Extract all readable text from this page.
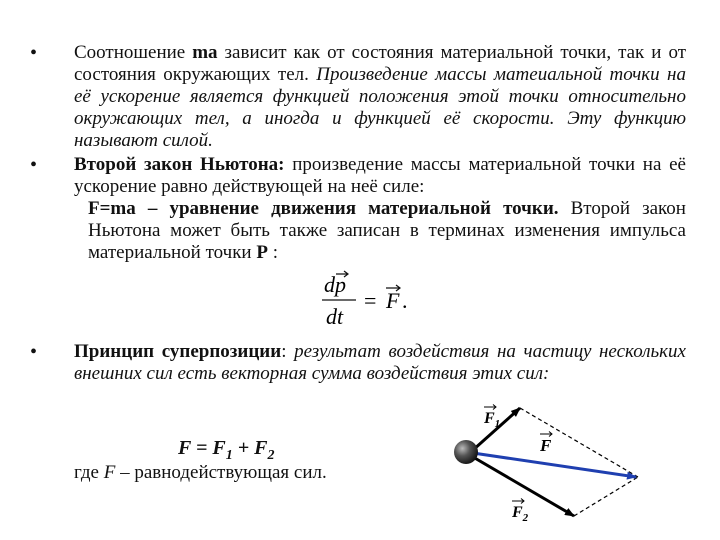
• Соотношение ma зависит как от состояния материальной точки, так и от состояния окружающих тел. Произведение массы матеиальной точки на её ускорение является функцией положения этой точки относительно окружающих тел, а иногда и функцией её скорости. Эту функцию называют силой.
• Второй закон Ньютона: произведение массы материальной точки на её ускорение равно действующей на неё силе:
F=ma – уравнение движения материальной точки. Второй закон Ньютона может быть также записан в терминах изменения импульса материальной точки P :
dp
dt
= F .
• Принцип суперпозиции: результат воздействия на частицу нескольких внешних сил есть векторная сумма воздействия этих сил:
$F = F_1 + F_2$
где F – равнодействующая сил.
$F_1$
F
$F_2$
